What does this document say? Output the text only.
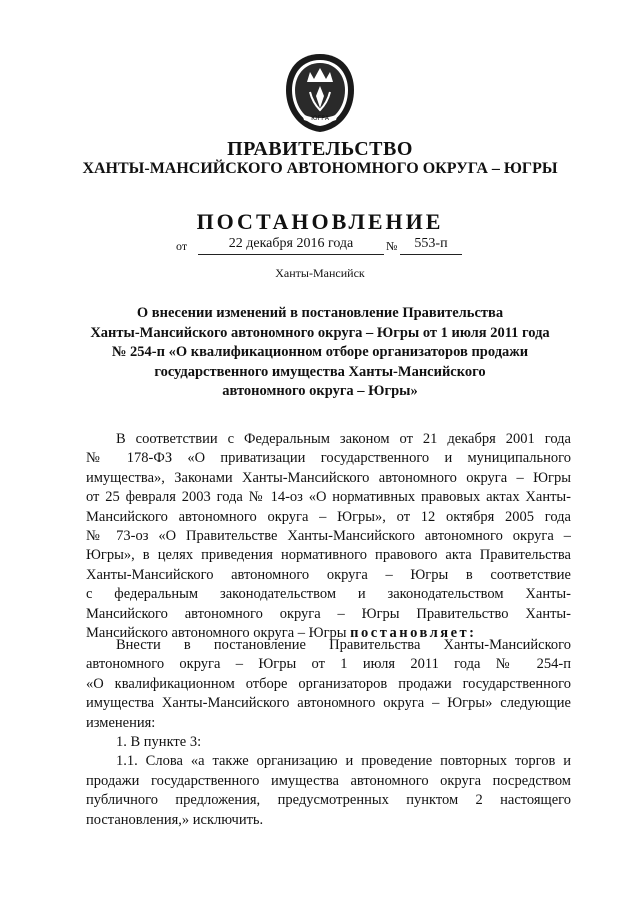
ЮГРА
ПРАВИТЕЛЬСТВО
ХАНТЫ-МАНСИЙСКОГО АВТОНОМНОГО ОКРУГА – ЮГРЫ
ПОСТАНОВЛЕНИЕ
от	22 декабря 2016 года	№	553-п
Ханты-Мансийск
О внесении изменений в постановление Правительства
Ханты-Мансийского автономного округа – Югры от 1 июля 2011 года
№ 254-п «О квалификационном отборе организаторов продажи
государственного имущества Ханты-Мансийского
автономного округа – Югры»
В соответствии с Федеральным законом от 21 декабря 2001 года
№ 178-ФЗ «О приватизации государственного и муниципального
имущества», Законами Ханты-Мансийского автономного округа – Югры
от 25 февраля 2003 года № 14-оз «О нормативных правовых актах Ханты-
Мансийского автономного округа – Югры», от 12 октября 2005 года
№ 73-оз «О Правительстве Ханты-Мансийского автономного округа –
Югры», в целях приведения нормативного правового акта Правительства
Ханты-Мансийского автономного округа – Югры в соответствие
с федеральным законодательством и законодательством Ханты-
Мансийского автономного округа – Югры Правительство Ханты-
Мансийского автономного округа – Югры постановляет:
Внести в постановление Правительства Ханты-Мансийского
автономного округа – Югры от 1 июля 2011 года № 254-п
«О квалификационном отборе организаторов продажи государственного
имущества Ханты-Мансийского автономного округа – Югры» следующие
изменения:
1. В пункте 3:
1.1. Слова «а также организацию и проведение повторных торгов и
продажи государственного имущества автономного округа посредством
публичного предложения, предусмотренных пунктом 2 настоящего
постановления,» исключить.
